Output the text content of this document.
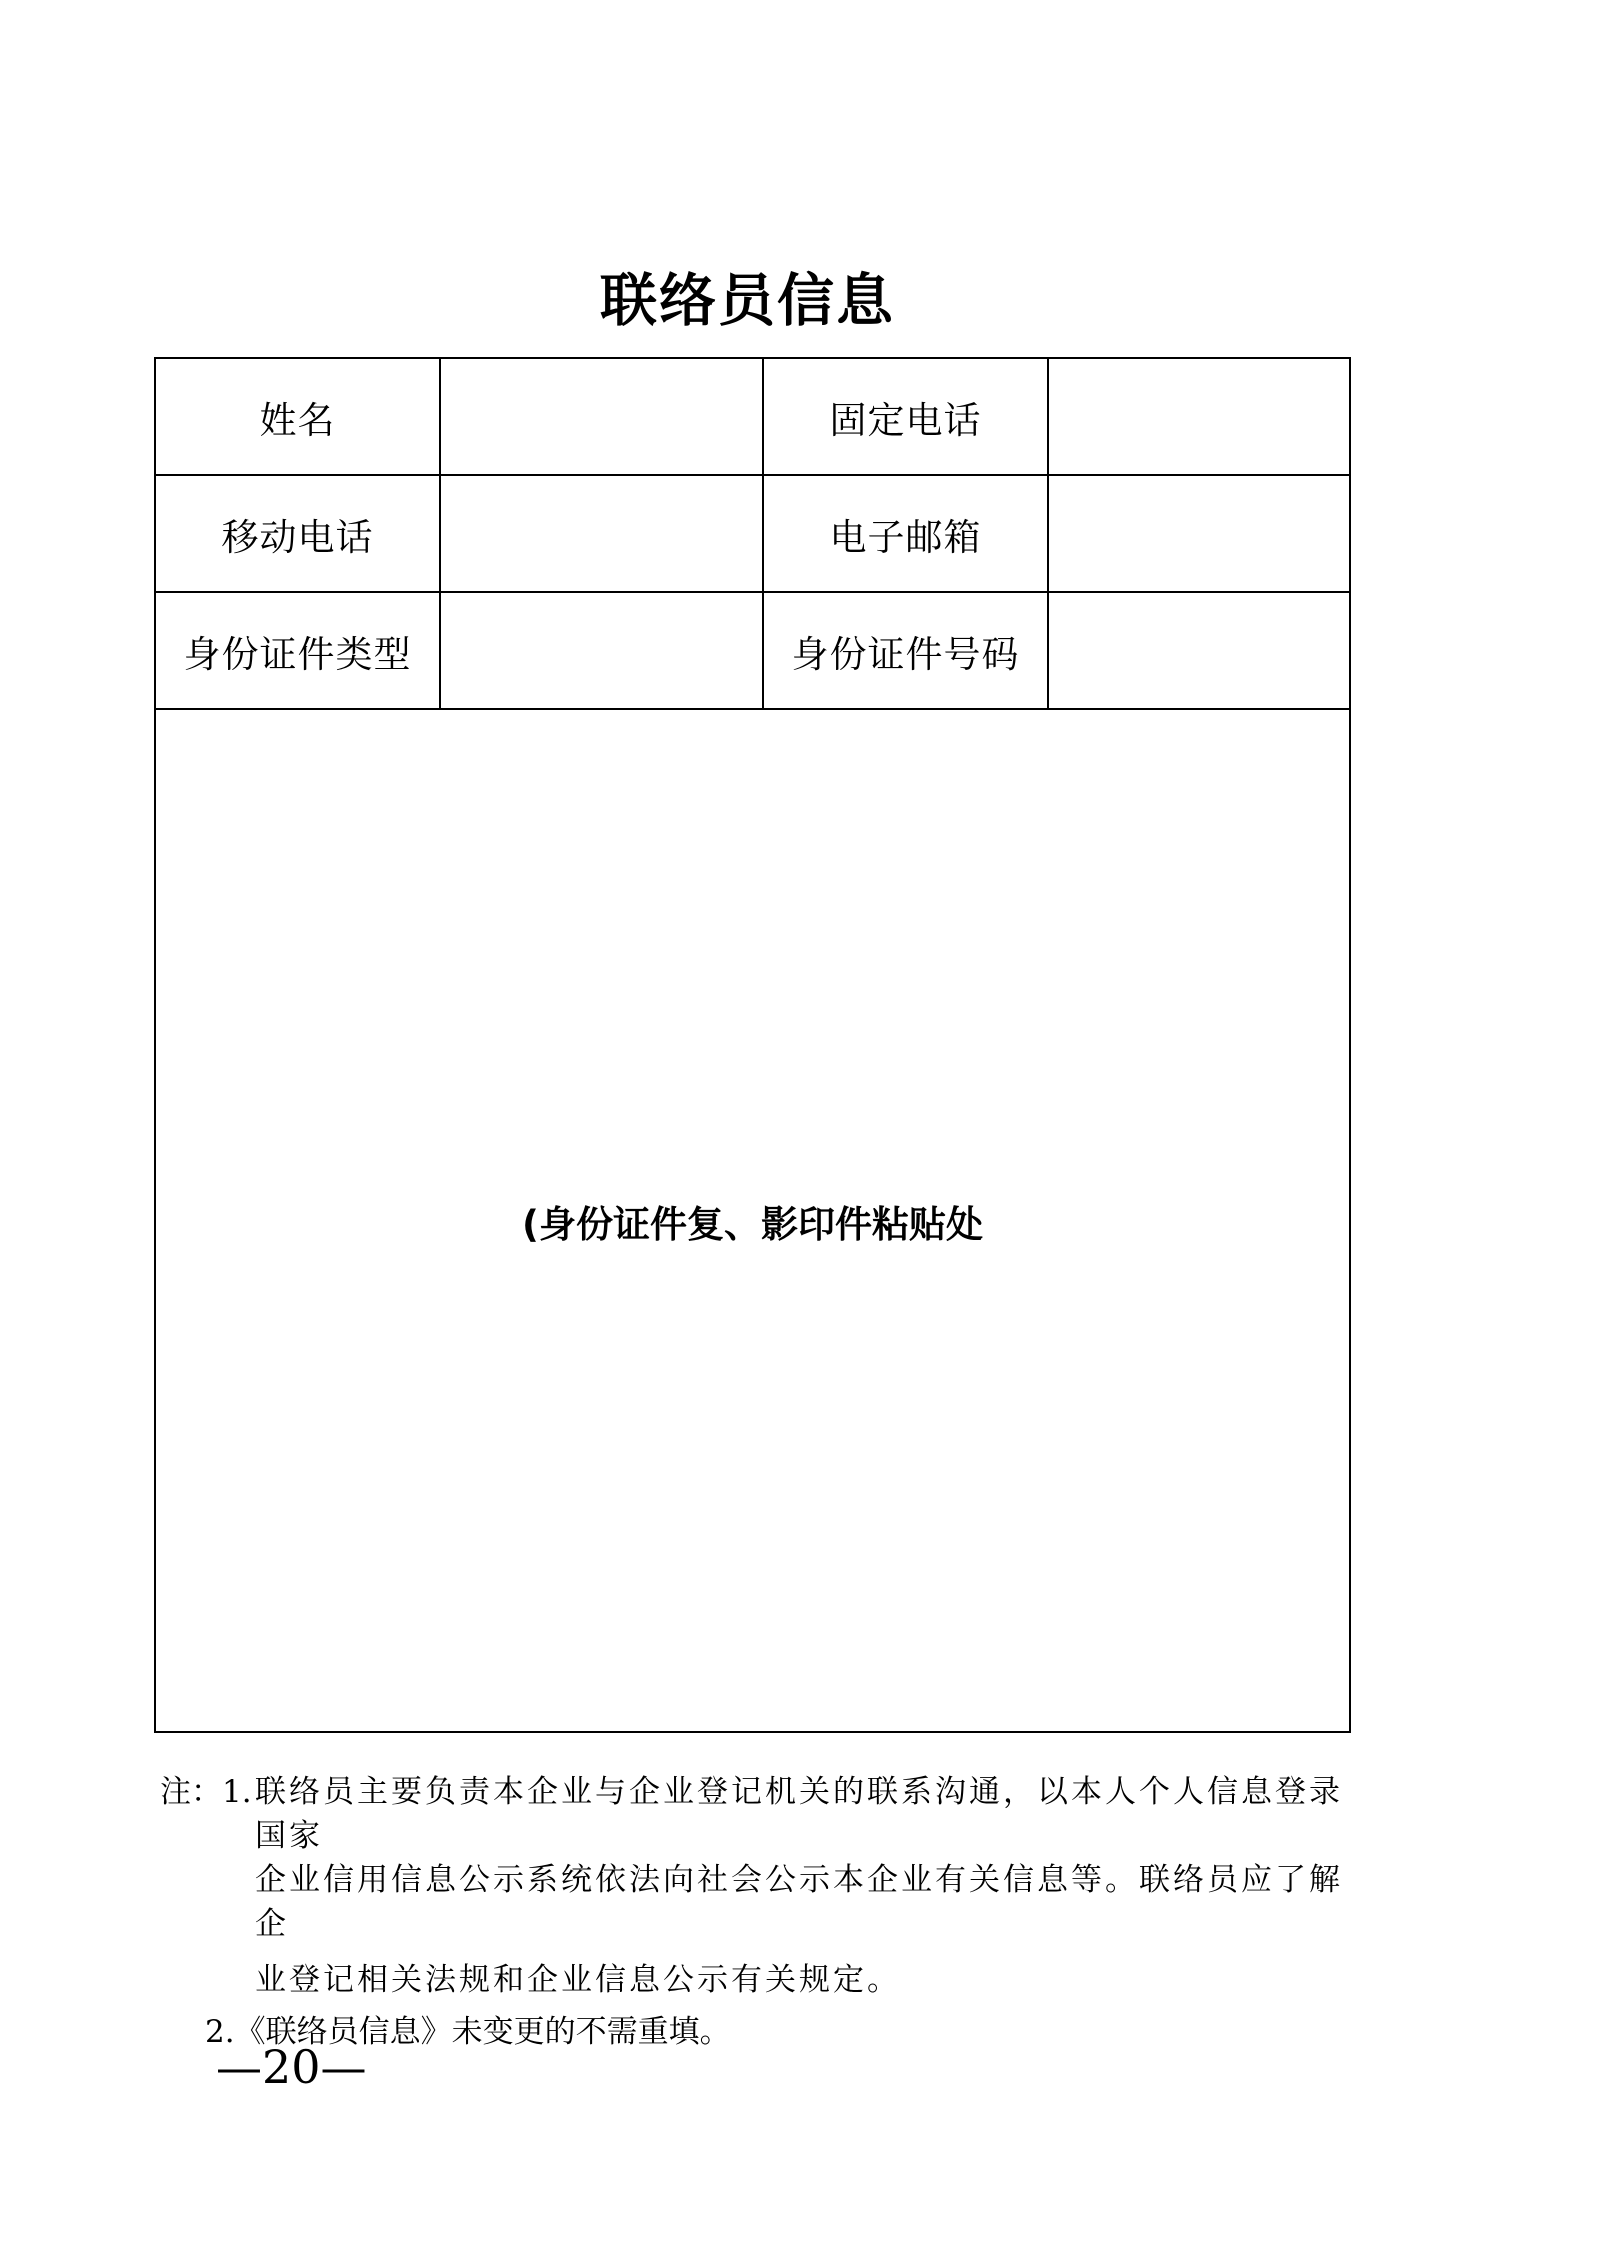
联络员信息
姓名		固定电话	
移动电话		电子邮箱	
身份证件类型		身份证件号码	
(身份证件复、影印件粘贴处			
注：1. 联络员主要负责本企业与企业登记机关的联系沟通，以本人个人信息登录国家
企业信用信息公示系统依法向社会公示本企业有关信息等。联络员应了解
企
业登记相关法规和企业信息公示有关规定。
2.《联络员信息》未变更的不需重填。
—20—
